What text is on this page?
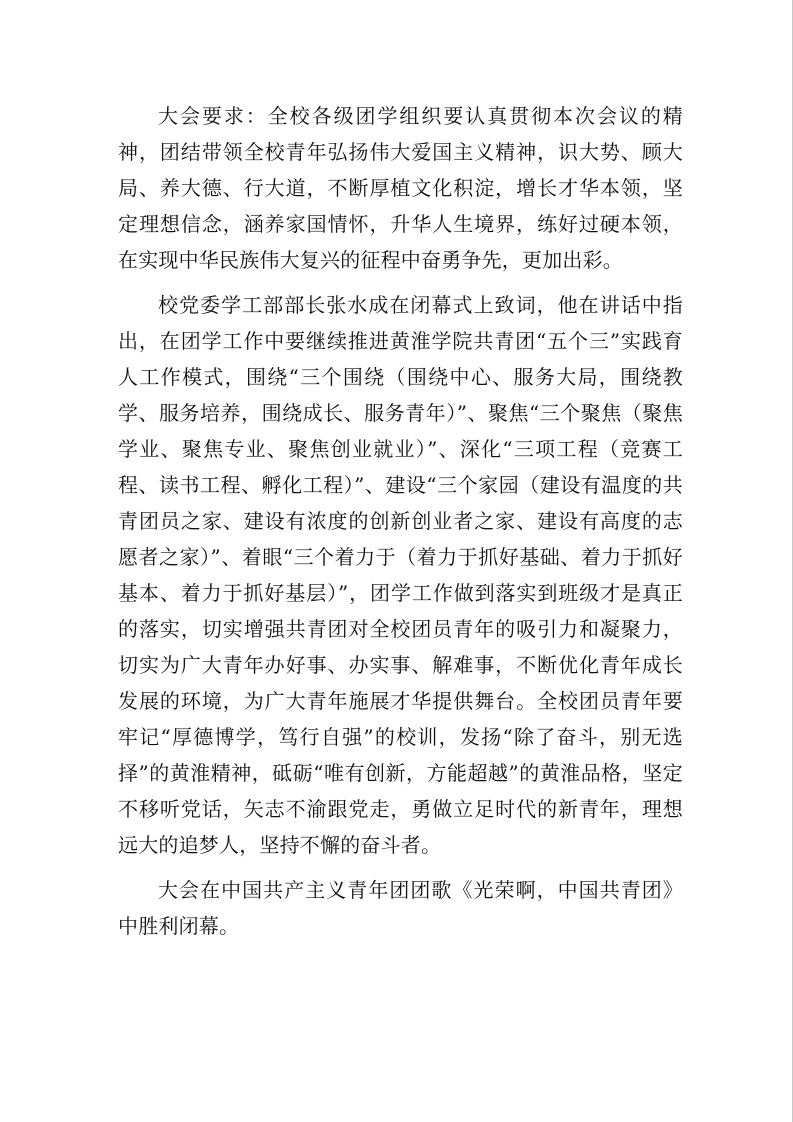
大会要求：全校各级团学组织要认真贯彻本次会议的精神，团结带领全校青年弘扬伟大爱国主义精神，识大势、顾大局、养大德、行大道，不断厚植文化积淀，增长才华本领，坚定理想信念，涵养家国情怀，升华人生境界，练好过硬本领，在实现中华民族伟大复兴的征程中奋勇争先，更加出彩。

校党委学工部部长张水成在闭幕式上致词，他在讲话中指出，在团学工作中要继续推进黄淮学院共青团“五个三”实践育人工作模式，围绕“三个围绕（围绕中心、服务大局，围绕教学、服务培养，围绕成长、服务青年）”、聚焦“三个聚焦（聚焦学业、聚焦专业、聚焦创业就业）”、深化“三项工程（竞赛工程、读书工程、孵化工程）”、建设“三个家园（建设有温度的共青团员之家、建设有浓度的创新创业者之家、建设有高度的志愿者之家）”、着眼“三个着力于（着力于抓好基础、着力于抓好基本、着力于抓好基层）”，团学工作做到落实到班级才是真正的落实，切实增强共青团对全校团员青年的吸引力和凝聚力，切实为广大青年办好事、办实事、解难事，不断优化青年成长发展的环境，为广大青年施展才华提供舞台。全校团员青年要牢记“厚德博学，笃行自强”的校训，发扬“除了奋斗，别无选择”的黄淮精神，砥砺“唯有创新，方能超越”的黄淮品格，坚定不移听党话，矢志不渝跟党走，勇做立足时代的新青年，理想远大的追梦人，坚持不懈的奋斗者。

大会在中国共产主义青年团团歌《光荣啊，中国共青团》中胜利闭幕。
